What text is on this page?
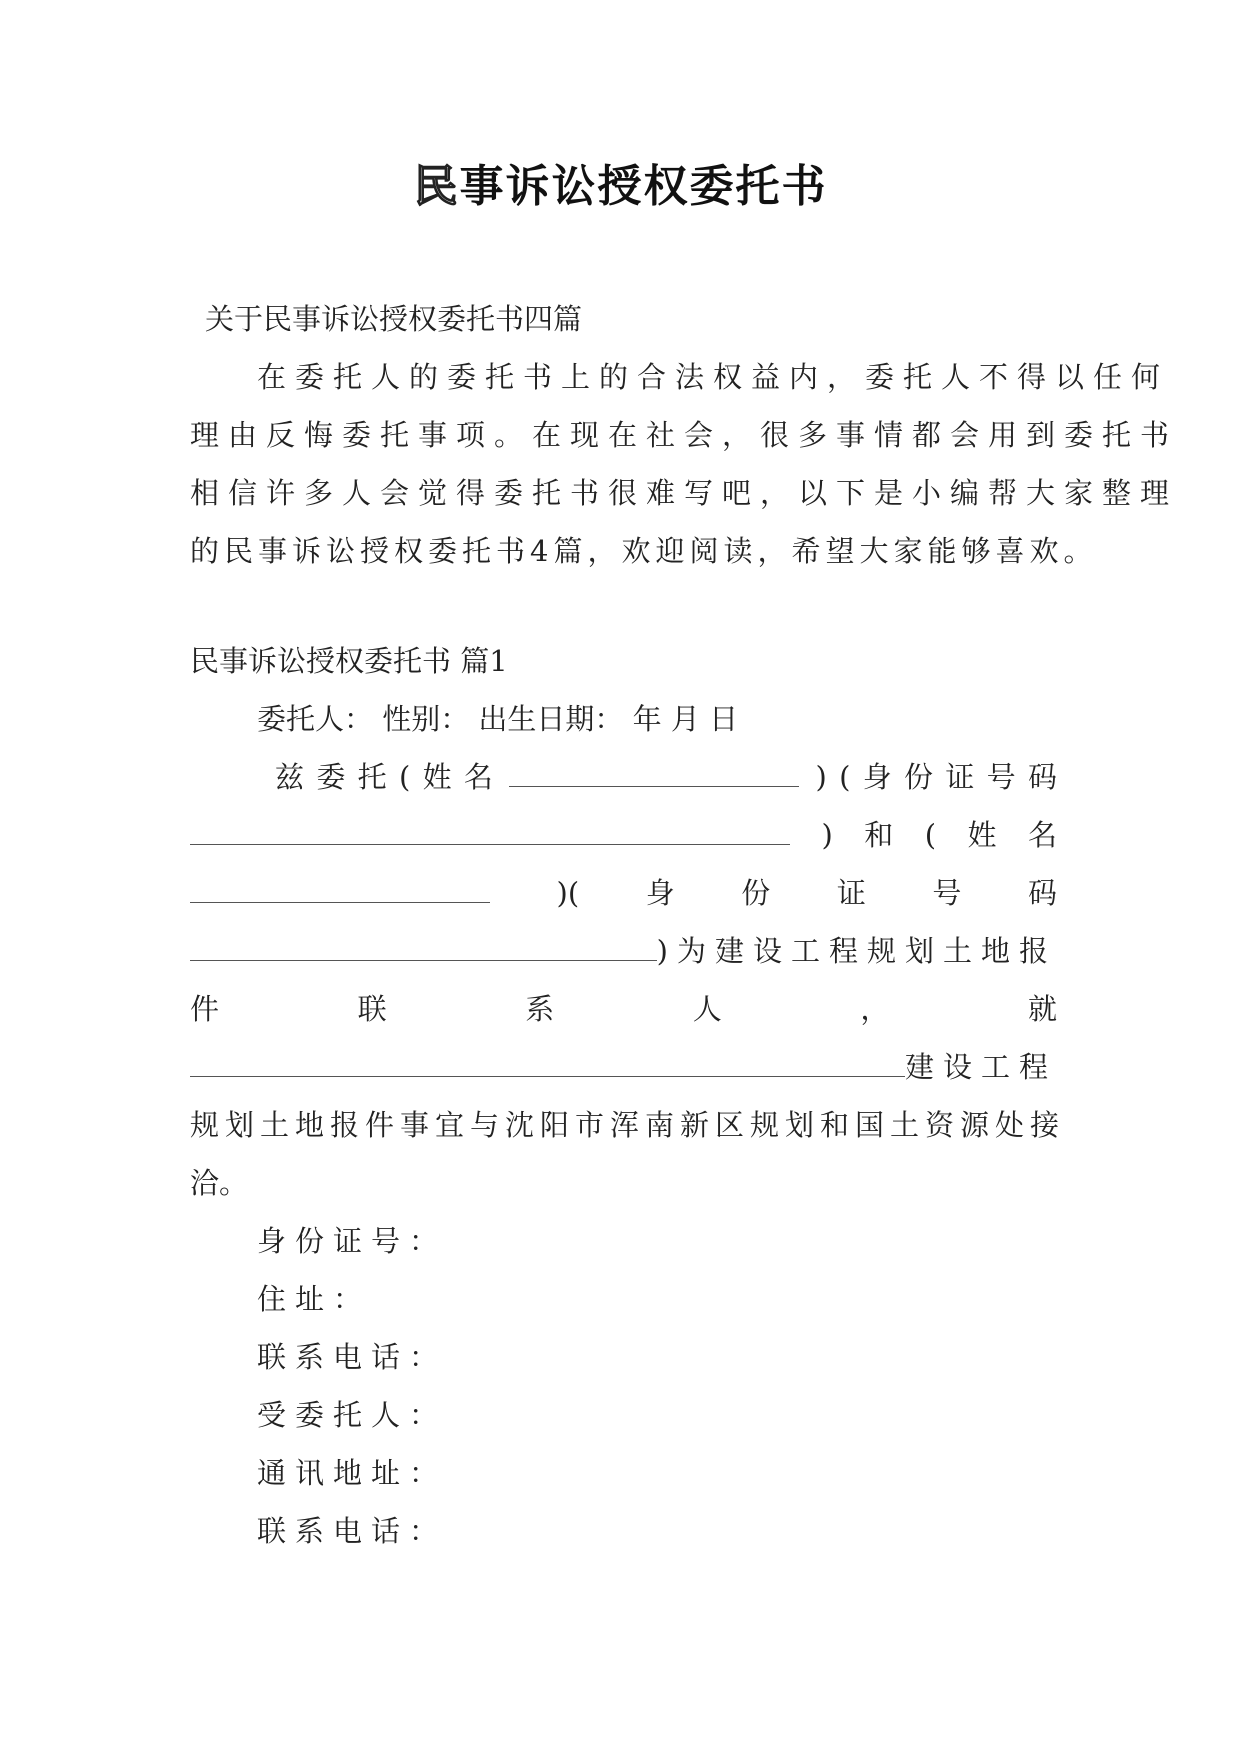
民事诉讼授权委托书
关于民事诉讼授权委托书四篇
在委托人的委托书上的合法权益内，委托人不得以任何
理由反悔委托事项。在现在社会，很多事情都会用到委托书
相信许多人会觉得委托书很难写吧，以下是小编帮大家整理
的民事诉讼授权委托书4篇，欢迎阅读，希望大家能够喜欢。
民事诉讼授权委托书 篇1
委托人： 性别： 出生日期： 年 月 日
兹 委 托 ( 姓 名	) ( 身 份 证 号 码
) 和 ( 姓 名
)( 身 份 证 号 码
)为建设工程规划土地报
件	联	系	人	，	就
建设工程
规划土地报件事宜与沈阳市浑南新区规划和国土资源处接
洽。
身份证号：
住址：
联系电话：
受委托人：
通讯地址：
联系电话：
